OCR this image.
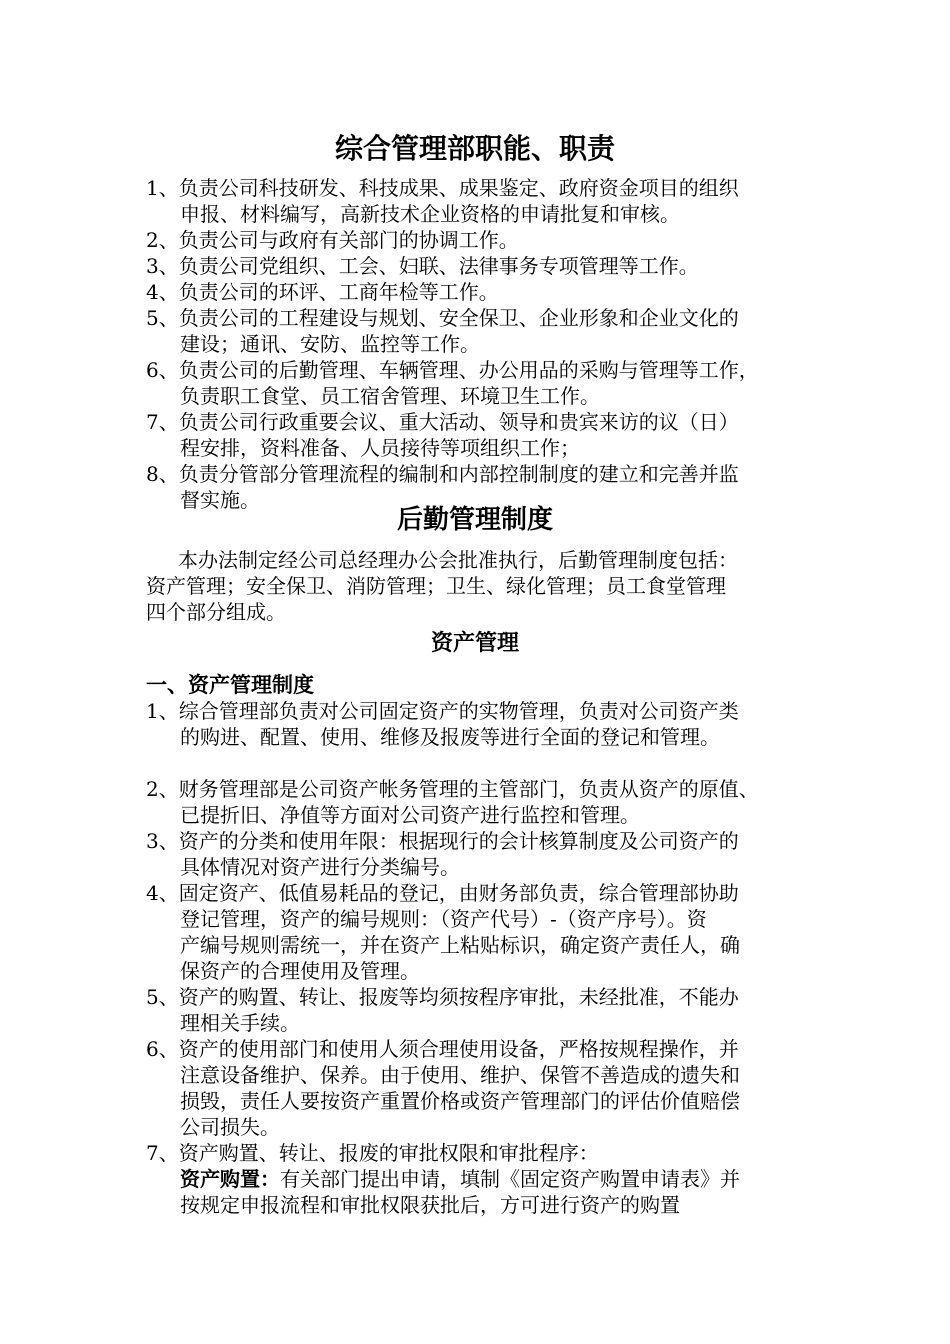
综合管理部职能、职责
1、负责公司科技研发、科技成果、成果鉴定、政府资金项目的组织
申报、材料编写，高新技术企业资格的申请批复和审核。
2、负责公司与政府有关部门的协调工作。
3、负责公司党组织、工会、妇联、法律事务专项管理等工作。
4、负责公司的环评、工商年检等工作。
5、负责公司的工程建设与规划、安全保卫、企业形象和企业文化的
建设；通讯、安防、监控等工作。
6、负责公司的后勤管理、车辆管理、办公用品的采购与管理等工作，
负责职工食堂、员工宿舍管理、环境卫生工作。
7、负责公司行政重要会议、重大活动、领导和贵宾来访的议（日）
程安排，资料准备、人员接待等项组织工作；
8、负责分管部分管理流程的编制和内部控制制度的建立和完善并监
督实施。
后勤管理制度
本办法制定经公司总经理办公会批准执行，后勤管理制度包括：
资产管理；安全保卫、消防管理；卫生、绿化管理；员工食堂管理
四个部分组成。
资产管理
一、资产管理制度
1、综合管理部负责对公司固定资产的实物管理，负责对公司资产类
的购进、配置、使用、维修及报废等进行全面的登记和管理。
2、财务管理部是公司资产帐务管理的主管部门，负责从资产的原值、
已提折旧、净值等方面对公司资产进行监控和管理。
3、资产的分类和使用年限：根据现行的会计核算制度及公司资产的
具体情况对资产进行分类编号。
4、固定资产、低值易耗品的登记，由财务部负责，综合管理部协助
登记管理，资产的编号规则：（资产代号）-（资产序号）。资
产编号规则需统一，并在资产上粘贴标识，确定资产责任人，确
保资产的合理使用及管理。
5、资产的购置、转让、报废等均须按程序审批，未经批准，不能办
理相关手续。
6、资产的使用部门和使用人须合理使用设备，严格按规程操作，并
注意设备维护、保养。由于使用、维护、保管不善造成的遗失和
损毁，责任人要按资产重置价格或资产管理部门的评估价值赔偿
公司损失。
7、资产购置、转让、报废的审批权限和审批程序：
资产购置：有关部门提出申请，填制《固定资产购置申请表》并
按规定申报流程和审批权限获批后，方可进行资产的购置
